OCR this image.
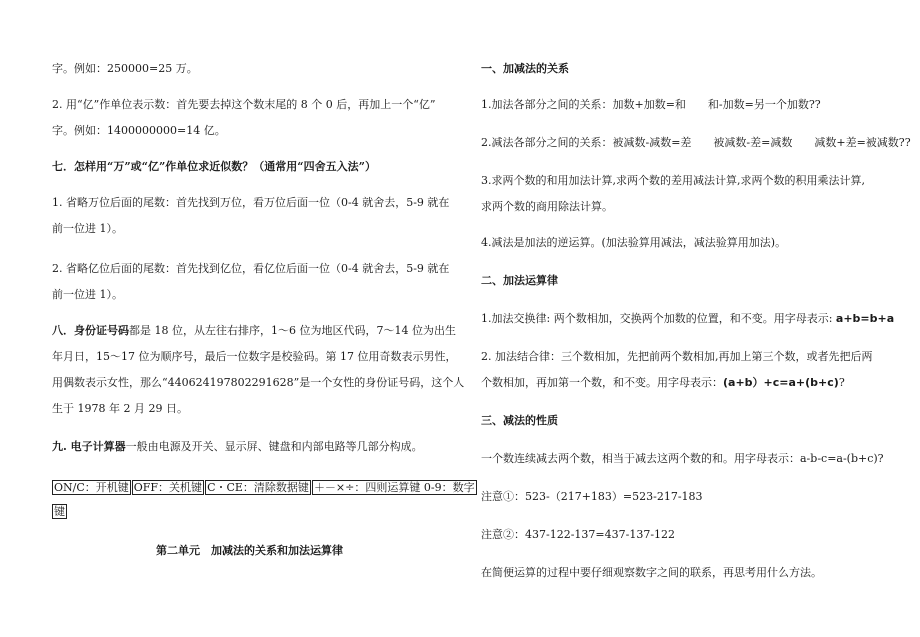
字。例如：250000=25 万。
2. 用“亿”作单位表示数：首先要去掉这个数末尾的 8 个 0 后，再加上一个“亿”
字。例如：1400000000=14 亿。
七．怎样用“万”或“亿”作单位求近似数？（通常用“四舍五入法”）
1. 省略万位后面的尾数：首先找到万位，看万位后面一位（0-4 就舍去，5-9 就在
前一位进 1）。
2. 省略亿位后面的尾数：首先找到亿位，看亿位后面一位（0-4 就舍去，5-9 就在
前一位进 1）。
八．身份证号码都是 18 位，从左往右排序，1～6 位为地区代码，7～14 位为出生
年月日，15～17 位为顺序号，最后一位数字是校验码。第 17 位用奇数表示男性，
用偶数表示女性，那么“440624197802291628”是一个女性的身份证号码，这个人
生于 1978 年 2 月 29 日。
九. 电子计算器一般由电源及开关、显示屏、键盘和内部电路等几部分构成。
ON/C：开机键 OFF：关机键 C・CE：清除数据键 ＋－×÷：四则运算键 0-9：数字
键
第二单元　加减法的关系和加法运算律
一、加减法的关系
1.加法各部分之间的关系：加数+加数=和　　和-加数=另一个加数??
2.减法各部分之间的关系：被减数-减数=差　　被减数-差=减数　　减数+差=被减数??
3.求两个数的和用加法计算,求两个数的差用减法计算,求两个数的积用乘法计算,
求两个数的商用除法计算。
4.减法是加法的逆运算。(加法验算用减法，减法验算用加法)。
二、加法运算律
1.加法交换律: 两个数相加，交换两个加数的位置，和不变。用字母表示: a+b=b+a
2. 加法结合律：三个数相加，先把前两个数相加,再加上第三个数，或者先把后两
个数相加，再加第一个数，和不变。用字母表示：(a+b）+c=a+(b+c)?
三、减法的性质
一个数连续减去两个数，相当于减去这两个数的和。用字母表示：a-b-c=a-(b+c)?
注意①：523-（217+183）=523-217-183
注意②：437-122-137=437-137-122
在简便运算的过程中要仔细观察数字之间的联系，再思考用什么方法。
